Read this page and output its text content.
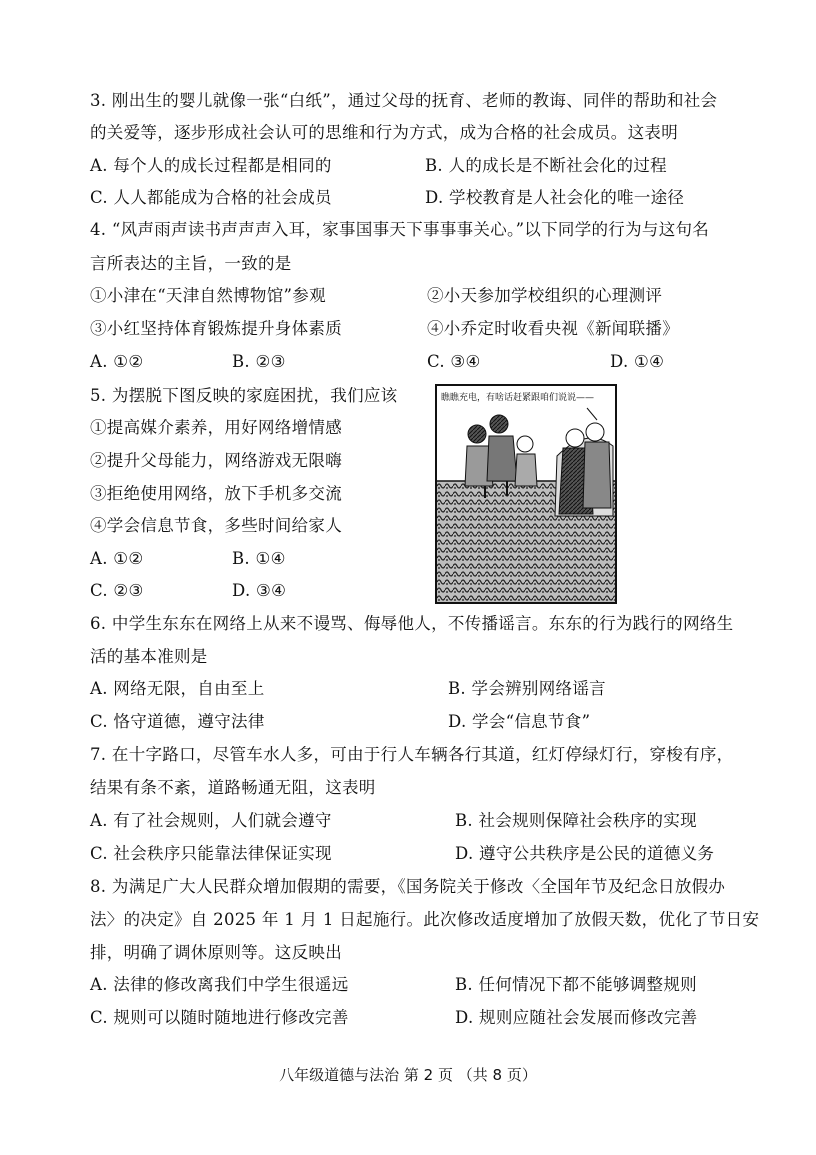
3. 刚出生的婴儿就像一张“白纸”，通过父母的抚育、老师的教诲、同伴的帮助和社会
的关爱等，逐步形成社会认可的思维和行为方式，成为合格的社会成员。这表明
A. 每个人的成长过程都是相同的	B. 人的成长是不断社会化的过程
C. 人人都能成为合格的社会成员	D. 学校教育是人社会化的唯一途径
4. “风声雨声读书声声声入耳，家事国事天下事事事关心。”以下同学的行为与这句名
言所表达的主旨，一致的是
①小津在“天津自然博物馆”参观	②小天参加学校组织的心理测评
③小红坚持体育锻炼提升身体素质	④小乔定时收看央视《新闻联播》
A. ①②	B. ②③	C. ③④	D. ①④
5. 为摆脱下图反映的家庭困扰，我们应该
①提高媒介素养，用好网络增情感
②提升父母能力，网络游戏无限嗨
③拒绝使用网络，放下手机多交流
④学会信息节食，多些时间给家人
A. ①②	B. ①④
C. ②③	D. ③④
瞧瞧充电，有啥话赶紧跟咱们说说——
6. 中学生东东在网络上从来不谩骂、侮辱他人，不传播谣言。东东的行为践行的网络生
活的基本准则是
A. 网络无限，自由至上	B. 学会辨别网络谣言
C. 恪守道德，遵守法律	D. 学会“信息节食”
7. 在十字路口，尽管车水人多，可由于行人车辆各行其道，红灯停绿灯行，穿梭有序，
结果有条不紊，道路畅通无阻，这表明
A. 有了社会规则，人们就会遵守	B. 社会规则保障社会秩序的实现
C. 社会秩序只能靠法律保证实现	D. 遵守公共秩序是公民的道德义务
8. 为满足广大人民群众增加假期的需要，《国务院关于修改〈全国年节及纪念日放假办
法〉的决定》自 2025 年 1 月 1 日起施行。此次修改适度增加了放假天数，优化了节日安
排，明确了调休原则等。这反映出
A. 法律的修改离我们中学生很遥远	B. 任何情况下都不能够调整规则
C. 规则可以随时随地进行修改完善	D. 规则应随社会发展而修改完善
八年级道德与法治 第 2 页 （共 8 页）
